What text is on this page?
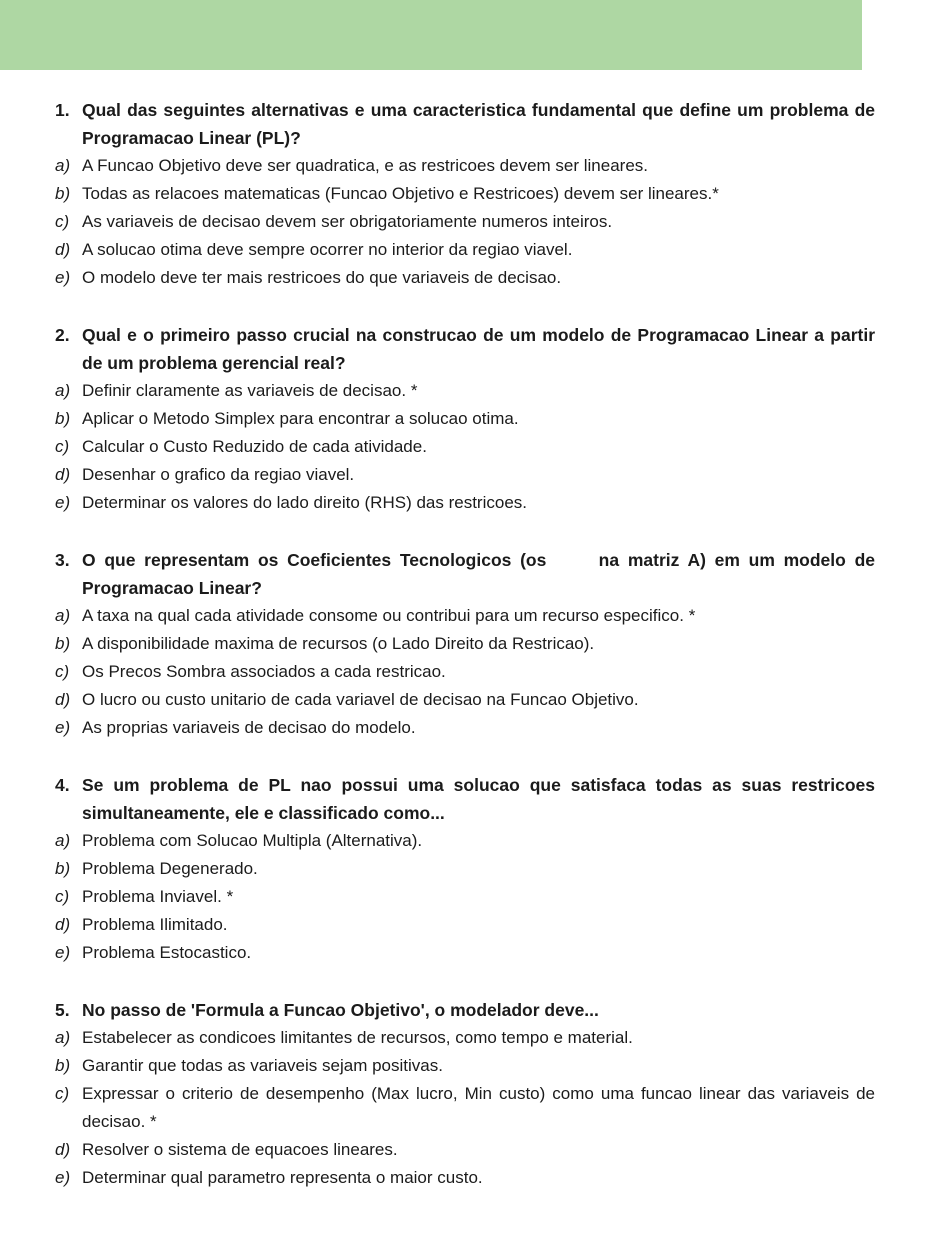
1. Qual das seguintes alternativas e uma caracteristica fundamental que define um problema de Programacao Linear (PL)?

a) A Funcao Objetivo deve ser quadratica, e as restricoes devem ser lineares.

b) Todas as relacoes matematicas (Funcao Objetivo e Restricoes) devem ser lineares.*

c) As variaveis de decisao devem ser obrigatoriamente numeros inteiros.

d) A solucao otima deve sempre ocorrer no interior da regiao viavel.

e) O modelo deve ter mais restricoes do que variaveis de decisao.

2. Qual e o primeiro passo crucial na construcao de um modelo de Programacao Linear a partir de um problema gerencial real?

a) Definir claramente as variaveis de decisao. *

b) Aplicar o Metodo Simplex para encontrar a solucao otima.

c) Calcular o Custo Reduzido de cada atividade.

d) Desenhar o grafico da regiao viavel.

e) Determinar os valores do lado direito (RHS) das restricoes.

3. O que representam os Coeficientes Tecnologicos (os      na matriz A) em um modelo de Programacao Linear?

a) A taxa na qual cada atividade consome ou contribui para um recurso especifico. *

b) A disponibilidade maxima de recursos (o Lado Direito da Restricao).

c) Os Precos Sombra associados a cada restricao.

d) O lucro ou custo unitario de cada variavel de decisao na Funcao Objetivo.

e) As proprias variaveis de decisao do modelo.

4. Se um problema de PL nao possui uma solucao que satisfaca todas as suas restricoes simultaneamente, ele e classificado como...

a) Problema com Solucao Multipla (Alternativa).

b) Problema Degenerado.

c) Problema Inviavel. *

d) Problema Ilimitado.

e) Problema Estocastico.

5. No passo de 'Formula a Funcao Objetivo', o modelador deve...

a) Estabelecer as condicoes limitantes de recursos, como tempo e material.

b) Garantir que todas as variaveis sejam positivas.

c) Expressar o criterio de desempenho (Max lucro, Min custo) como uma funcao linear das variaveis de decisao. *

d) Resolver o sistema de equacoes lineares.

e) Determinar qual parametro representa o maior custo.
